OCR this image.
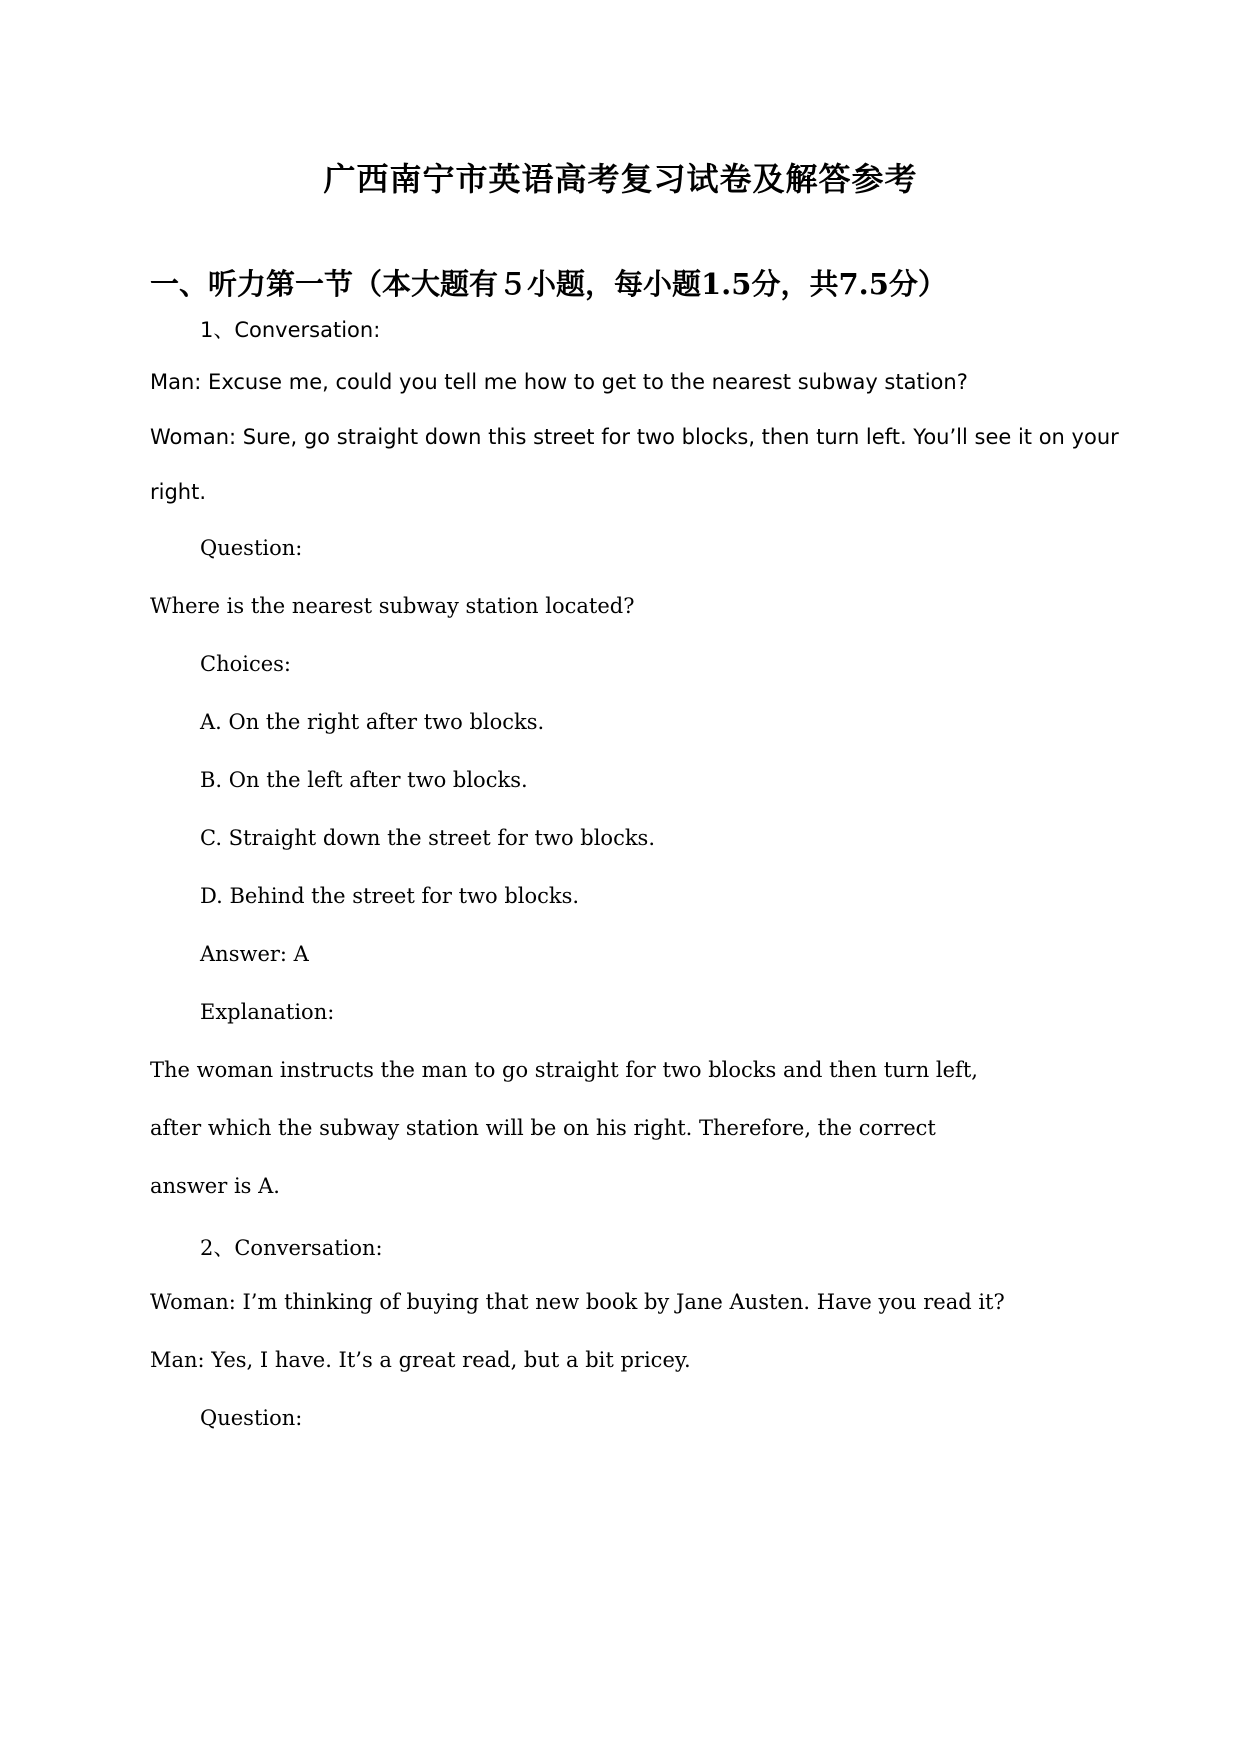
广西南宁市英语高考复习试卷及解答参考
一、听力第一节（本大题有５小题，每小题1.5分，共7.5分）

1、Conversation:

Man: Excuse me, could you tell me how to get to the nearest subway station?

Woman: Sure, go straight down this street for two blocks, then turn left. You’ll see it on your

right.

Question:

Where is the nearest subway station located?

Choices:

A. On the right after two blocks.

B. On the left after two blocks.

C. Straight down the street for two blocks.

D. Behind the street for two blocks.

Answer: A

Explanation:

The woman instructs the man to go straight for two blocks and then turn left,

after which the subway station will be on his right. Therefore, the correct

answer is A.

2、Conversation:

Woman: I’m thinking of buying that new book by Jane Austen. Have you read it?

Man: Yes, I have. It’s a great read, but a bit pricey.

Question:
